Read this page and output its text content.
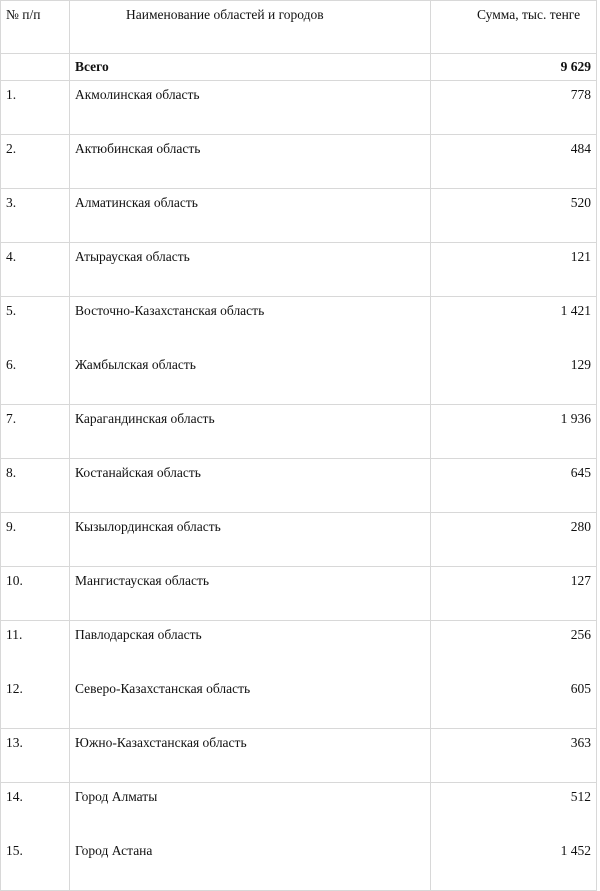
№ п/п	Наименование областей и городов	Сумма, тыс. тенге
	Всего	9 629
1.	Акмолинская область	778
2.	Актюбинская область	484
3.	Алматинская область	520
4.	Атырауская область	121
5.	Восточно-Казахстанская область	1 421
6.	Жамбылская область	129
7.	Карагандинская область	1 936
8.	Костанайская область	645
9.	Кызылординская область	280
10.	Мангистауская область	127
11.	Павлодарская область	256
12.	Северо-Казахстанская область	605
13.	Южно-Казахстанская область	363
14.	Город Алматы	512
15.	Город Астана	1 452
